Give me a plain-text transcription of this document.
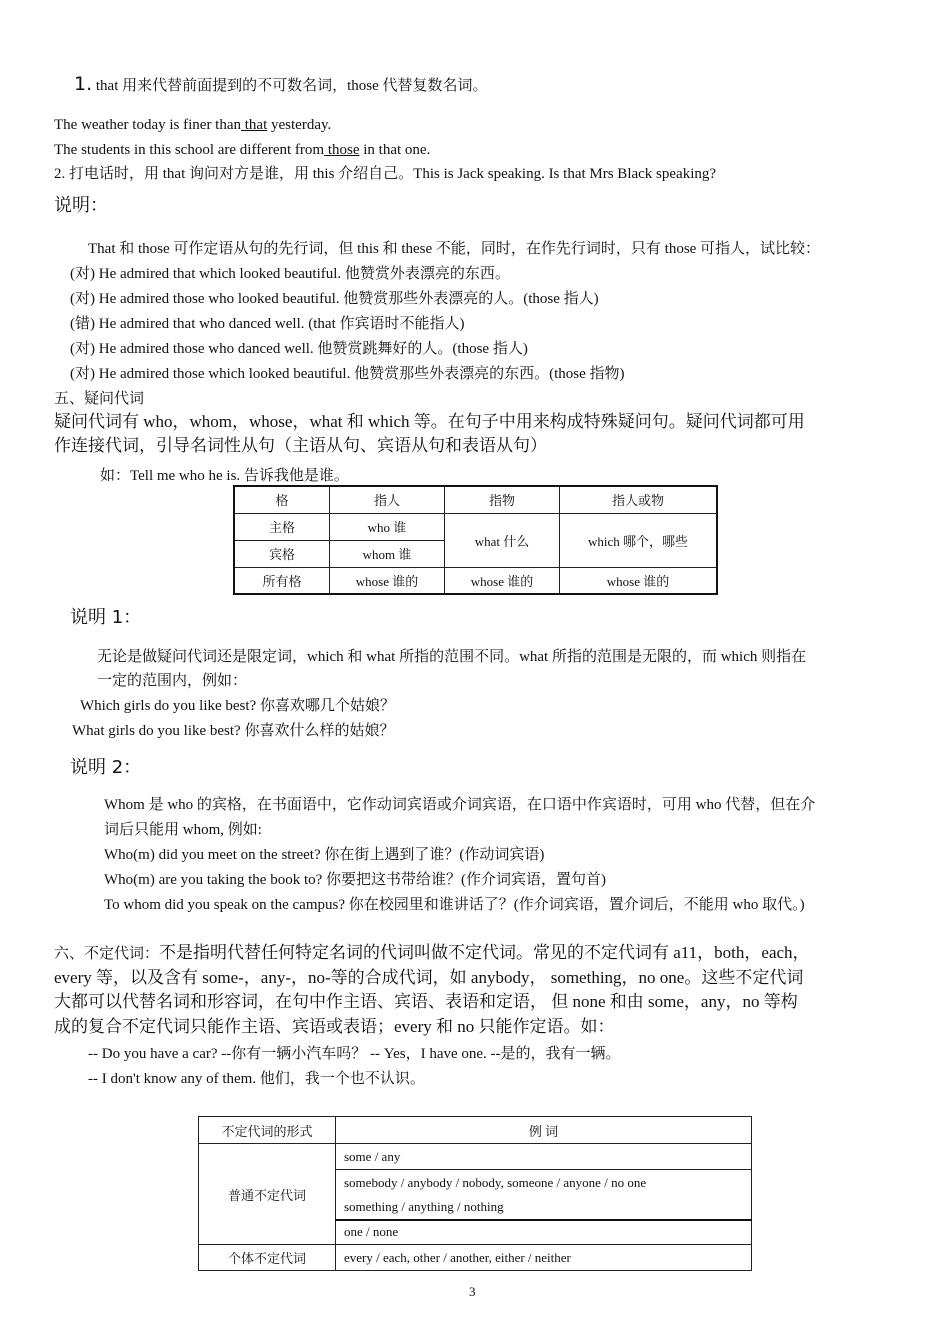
1. that 用来代替前面提到的不可数名词，those 代替复数名词。
The weather today is finer than that yesterday.
The students in this school are different from those in that one.
2. 打电话时，用 that 询问对方是谁，用 this 介绍自己。This is Jack speaking. Is that Mrs Black speaking?
说明：
That 和 those 可作定语从句的先行词，但 this 和 these 不能，同时，在作先行词时，只有 those 可指人，试比较：
(对) He admired that which looked beautiful. 他赞赏外表漂亮的东西。
(对) He admired those who looked beautiful. 他赞赏那些外表漂亮的人。(those 指人)
(错) He admired that who danced well. (that 作宾语时不能指人)
(对) He admired those who danced well. 他赞赏跳舞好的人。(those 指人)
(对) He admired those which looked beautiful. 他赞赏那些外表漂亮的东西。(those 指物)
五、疑问代词
疑问代词有 who，whom，whose，what 和 which 等。在句子中用来构成特殊疑问句。疑问代词都可用
作连接代词，引导名词性从句（主语从句、宾语从句和表语从句）
如：Tell me who he is. 告诉我他是谁。
格	指人	指物	指人或物
主格	who 谁	what 什么	which 哪个，哪些
宾格	whom 谁		
所有格	whose 谁的	whose 谁的	whose 谁的
说明 1：
无论是做疑问代词还是限定词，which 和 what 所指的范围不同。what 所指的范围是无限的，而 which 则指在
一定的范围内，例如：
Which girls do you like best? 你喜欢哪几个姑娘？
What girls do you like best? 你喜欢什么样的姑娘？
说明 2：
Whom 是 who 的宾格，在书面语中，它作动词宾语或介词宾语，在口语中作宾语时，可用 who 代替，但在介
词后只能用 whom, 例如:
Who(m) did you meet on the street? 你在街上遇到了谁？(作动词宾语)
Who(m) are you taking the book to? 你要把这书带给谁？(作介词宾语，置句首)
To whom did you speak on the campus? 你在校园里和谁讲话了？(作介词宾语，置介词后，不能用 who 取代。)
六、不定代词：不是指明代替任何特定名词的代词叫做不定代词。常见的不定代词有 a11，both，each，
every 等，以及含有 some-，any-，no-等的合成代词，如 anybody， something，no one。这些不定代词
大都可以代替名词和形容词，在句中作主语、宾语、表语和定语， 但 none 和由 some，any，no 等构
成的复合不定代词只能作主语、宾语或表语；every 和 no 只能作定语。如：
-- Do you have a car? --你有一辆小汽车吗？ -- Yes，I have one. --是的，我有一辆。
-- I don't know any of them. 他们，我一个也不认识。
不定代词的形式	例 词
普通不定代词	some / any
	somebody / anybody / nobody, someone / anyone / no one
	something / anything / nothing
	one / none
个体不定代词	every / each, other / another, either / neither
3
